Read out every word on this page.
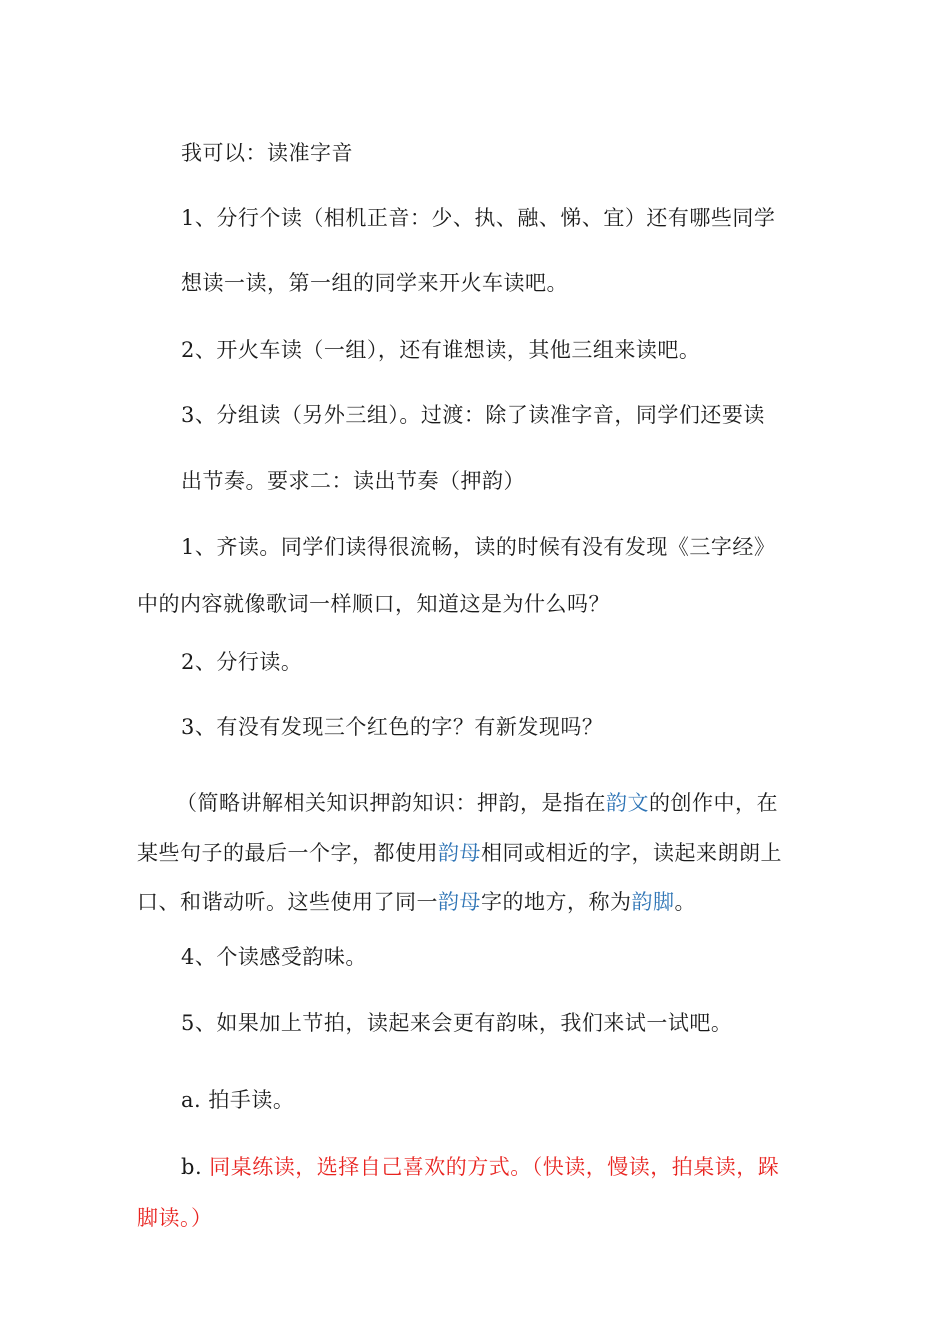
我可以：读准字音

1、分行个读（相机正音：少、执、融、悌、宜）还有哪些同学

想读一读，第一组的同学来开火车读吧。

2、开火车读（一组），还有谁想读，其他三组来读吧。

3、分组读（另外三组）。过渡：除了读准字音，同学们还要读

出节奏。要求二：读出节奏（押韵）

1、齐读。同学们读得很流畅，读的时候有没有发现《三字经》

中的内容就像歌词一样顺口，知道这是为什么吗？

2、分行读。

3、有没有发现三个红色的字？有新发现吗？

（简略讲解相关知识押韵知识：押韵，是指在韵文的创作中，在

某些句子的最后一个字，都使用韵母相同或相近的字，读起来朗朗上

口、和谐动听。这些使用了同一韵母字的地方，称为韵脚。

4、个读感受韵味。

5、如果加上节拍，读起来会更有韵味，我们来试一试吧。

a. 拍手读。

b. 同桌练读，选择自己喜欢的方式。（快读，慢读，拍桌读，跺

脚读。）
